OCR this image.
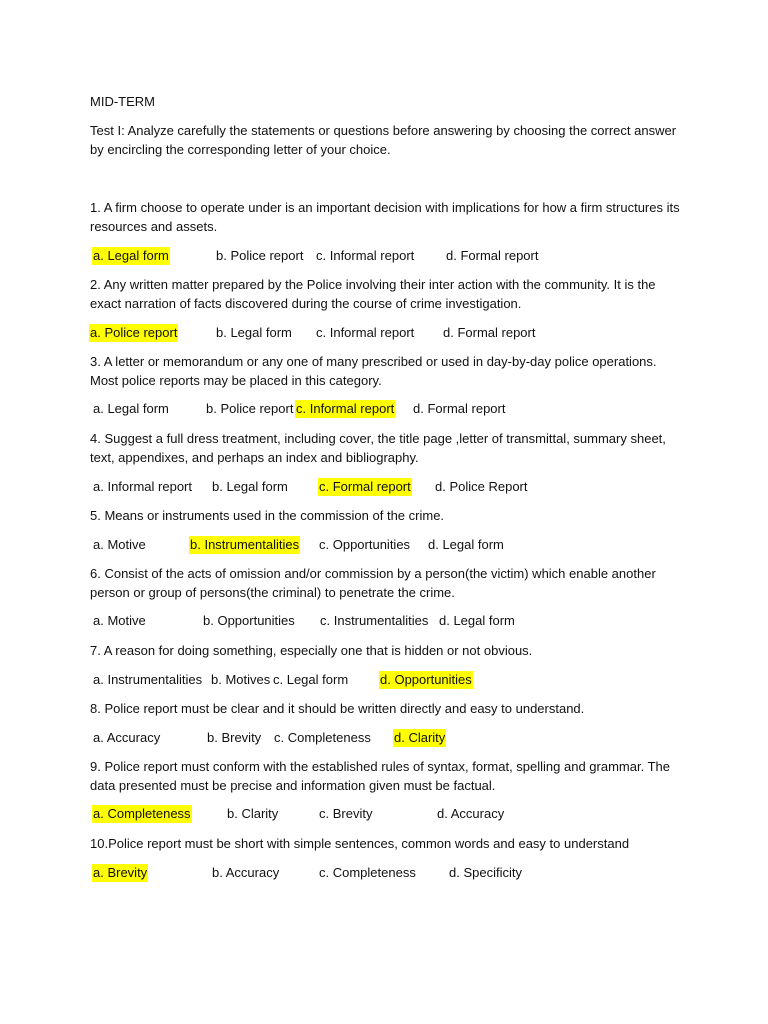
MID-TERM
Test I: Analyze carefully the statements or questions before answering by choosing the correct answer
by encircling the corresponding letter of your choice.
1. A firm choose to operate under is an important decision with implications for how a firm structures its
resources and assets.
a. Legal form	b. Police report c. Informal report d. Formal report
2. Any written matter prepared by the Police involving their inter action with the community. It is the
exact narration of facts discovered during the course of crime investigation.
a. Police report	b. Legal form c. Informal report d. Formal report
3. A letter or memorandum or any one of many prescribed or used in day-by-day police operations.
Most police reports may be placed in this category.
a. Legal form	b. Police report c. Informal report d. Formal report
4. Suggest a full dress treatment, including cover, the title page ,letter of transmittal, summary sheet,
text, appendixes, and perhaps an index and bibliography.
a. Informal report b. Legal form c. Formal report d. Police Report
5. Means or instruments used in the commission of the crime.
a. Motive	b. Instrumentalities c. Opportunities d. Legal form
6. Consist of the acts of omission and/or commission by a person(the victim) which enable another
person or group of persons(the criminal) to penetrate the crime.
a. Motive	b. Opportunities c. Instrumentalities d. Legal form
7. A reason for doing something, especially one that is hidden or not obvious.
a. Instrumentalities b. Motives c. Legal form d. Opportunities
8. Police report must be clear and it should be written directly and easy to understand.
a. Accuracy	b. Brevity c. Completeness d. Clarity
9. Police report must conform with the established rules of syntax, format, spelling and grammar. The
data presented must be precise and information given must be factual.
a. Completeness	b. Clarity	c. Brevity	d. Accuracy
10.Police report must be short with simple sentences, common words and easy to understand
a. Brevity	b. Accuracy	c. Completeness	d. Specificity
